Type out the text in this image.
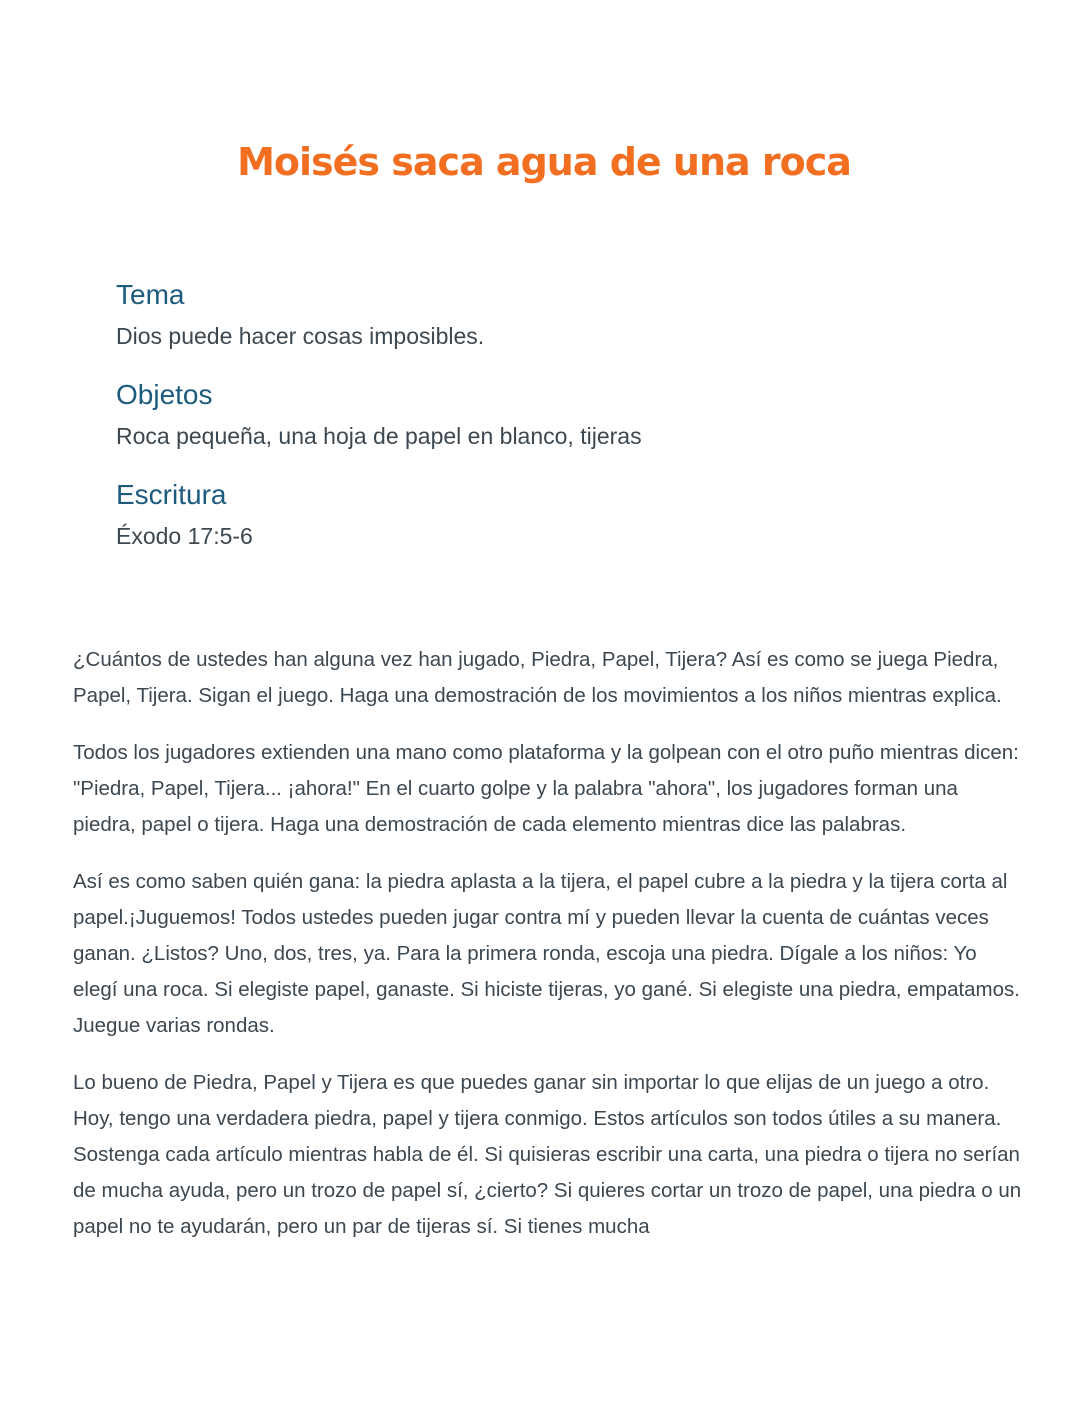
Moisés saca agua de una roca
Tema

Dios puede hacer cosas imposibles.

Objetos

Roca pequeña, una hoja de papel en blanco, tijeras

Escritura

Éxodo 17:5-6

¿Cuántos de ustedes han alguna vez han jugado, Piedra, Papel, Tijera? Así es como se juega Piedra, Papel, Tijera. Sigan el juego. Haga una demostración de los movimientos a los niños mientras explica.

Todos los jugadores extienden una mano como plataforma y la golpean con el otro puño mientras dicen: "Piedra, Papel, Tijera... ¡ahora!" En el cuarto golpe y la palabra "ahora", los jugadores forman una piedra, papel o tijera. Haga una demostración de cada elemento mientras dice las palabras.

Así es como saben quién gana: la piedra aplasta a la tijera, el papel cubre a la piedra y la tijera corta al papel.¡Juguemos! Todos ustedes pueden jugar contra mí y pueden llevar la cuenta de cuántas veces ganan. ¿Listos? Uno, dos, tres, ya. Para la primera ronda, escoja una piedra. Dígale a los niños: Yo elegí una roca. Si elegiste papel, ganaste. Si hiciste tijeras, yo gané. Si elegiste una piedra, empatamos. Juegue varias rondas.

Lo bueno de Piedra, Papel y Tijera es que puedes ganar sin importar lo que elijas de un juego a otro. Hoy, tengo una verdadera piedra, papel y tijera conmigo. Estos artículos son todos útiles a su manera. Sostenga cada artículo mientras habla de él. Si quisieras escribir una carta, una piedra o tijera no serían de mucha ayuda, pero un trozo de papel sí, ¿cierto? Si quieres cortar un trozo de papel, una piedra o un papel no te ayudarán, pero un par de tijeras sí. Si tienes mucha
